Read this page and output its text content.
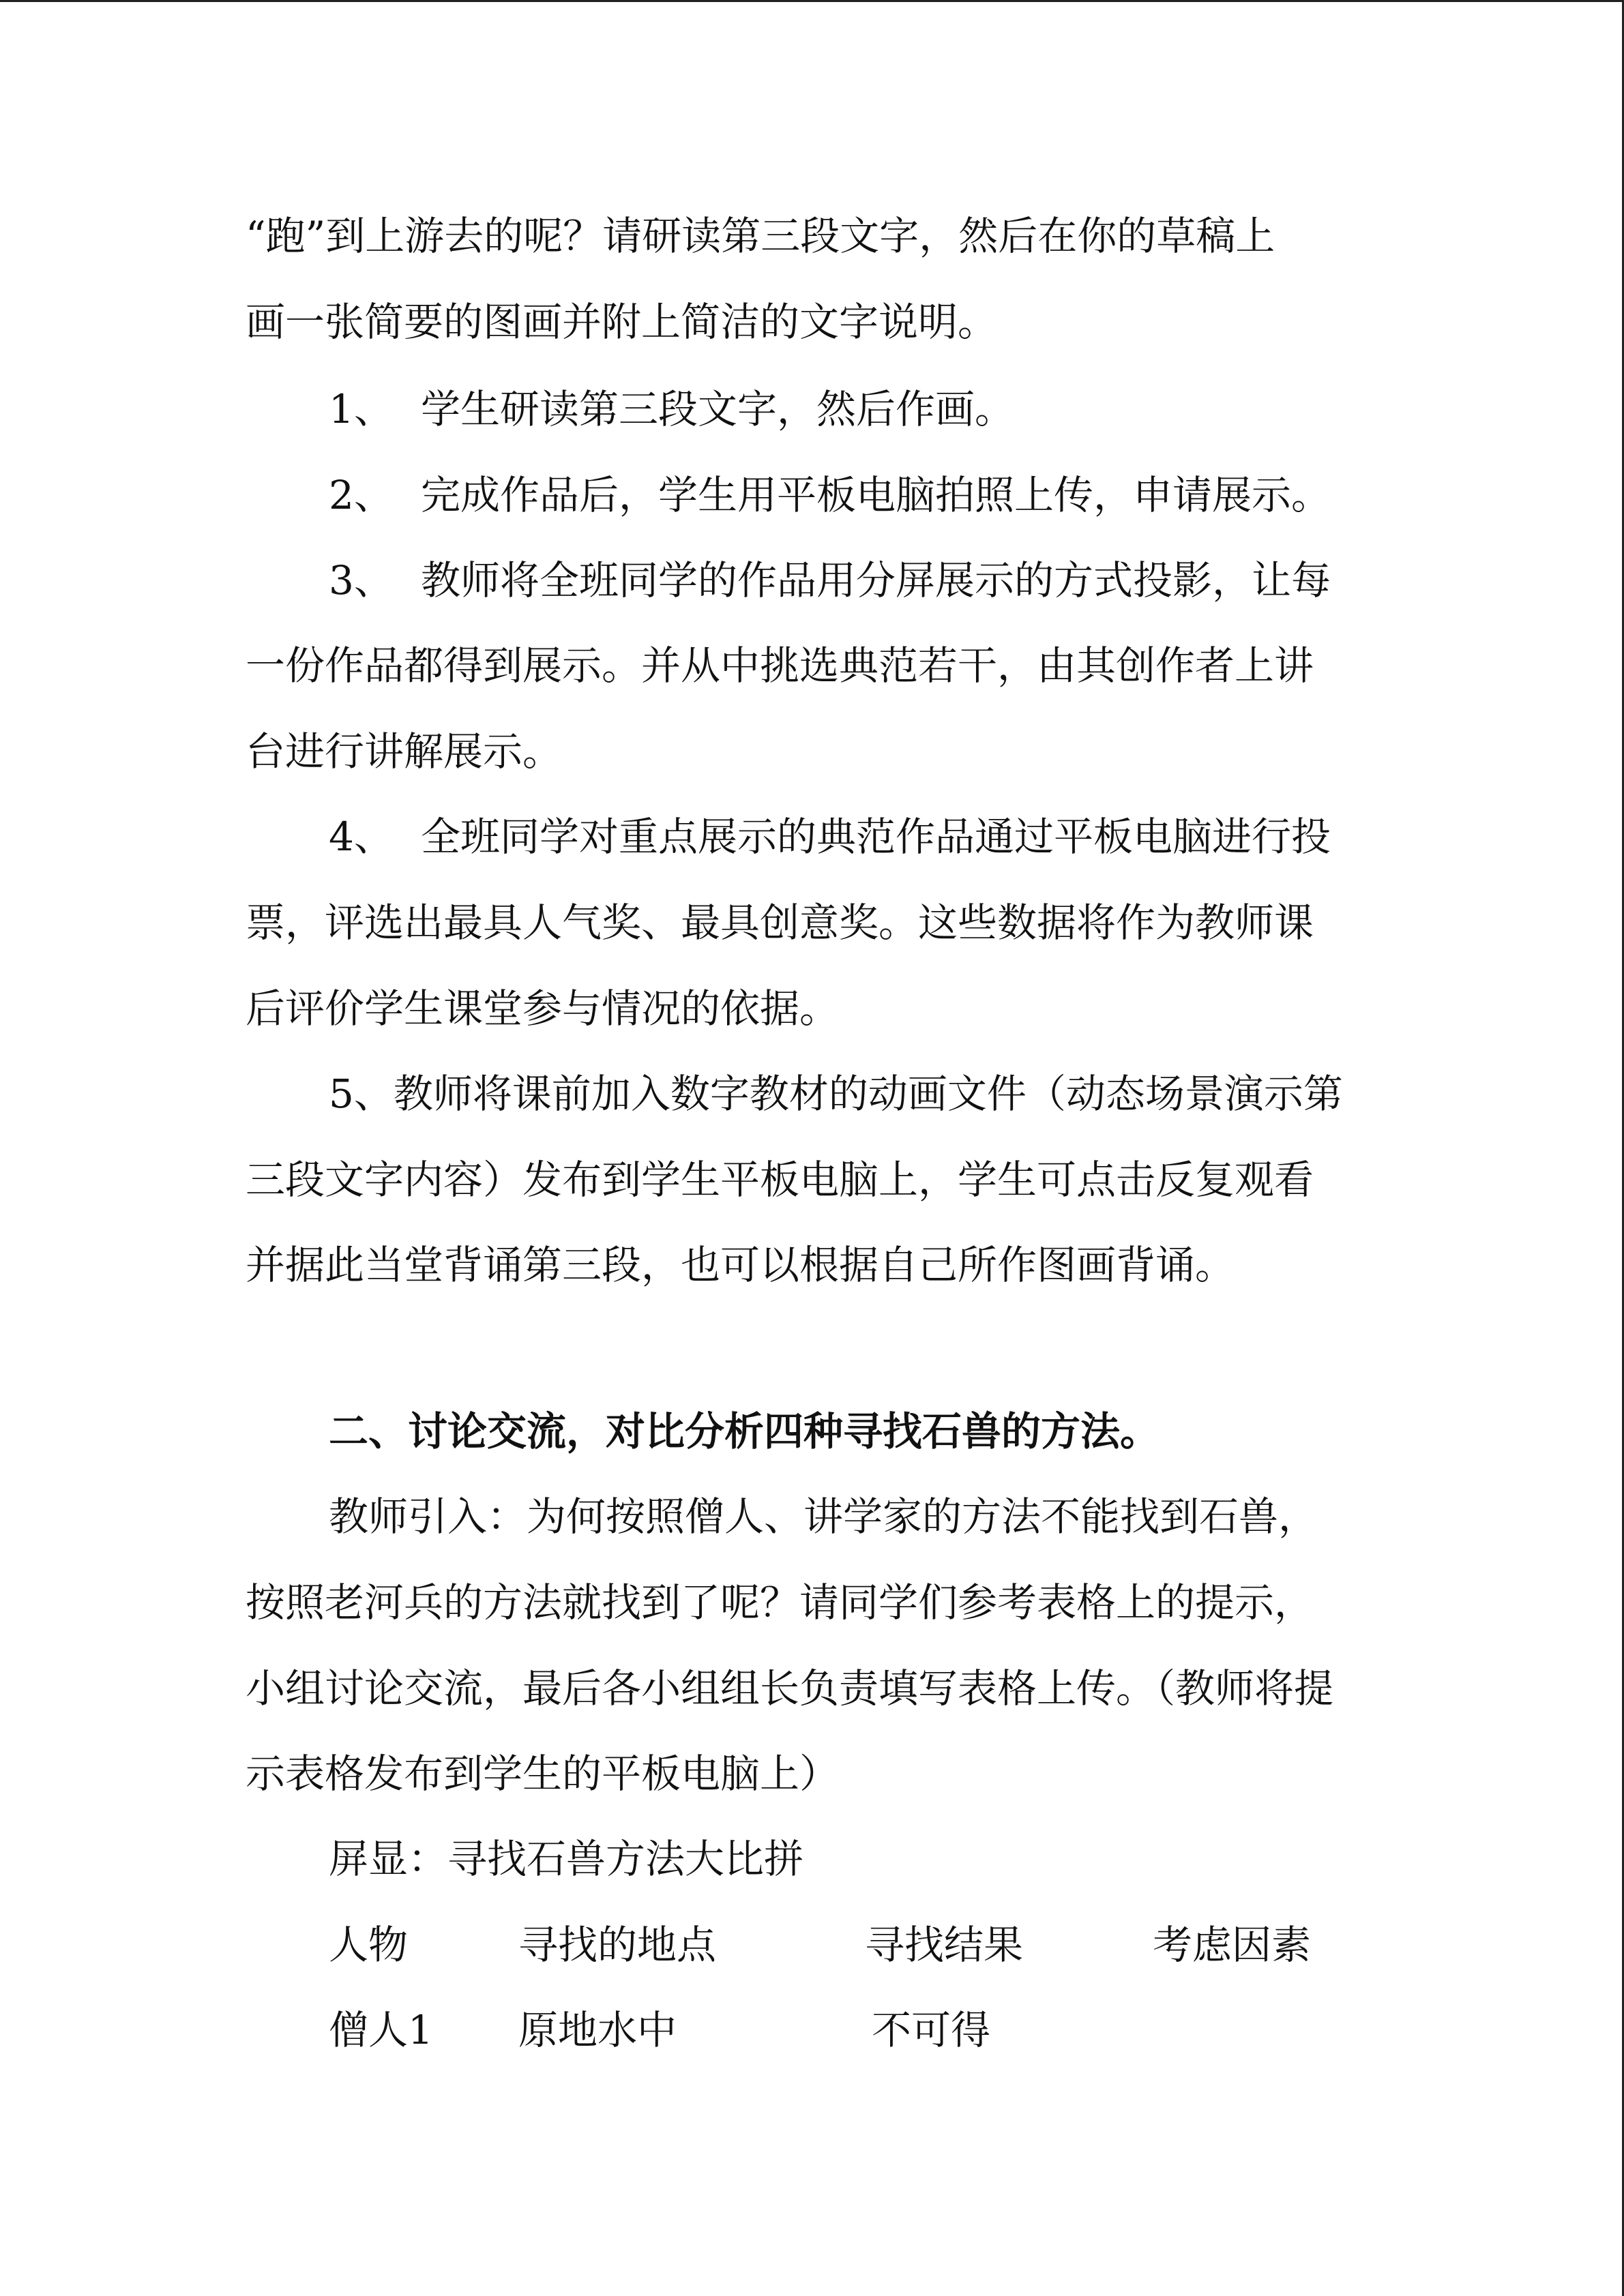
“跑”到上游去的呢？请研读第三段文字，然后在你的草稿上

画一张简要的图画并附上简洁的文字说明。

1、 学生研读第三段文字，然后作画。

2、 完成作品后，学生用平板电脑拍照上传，申请展示。

3、 教师将全班同学的作品用分屏展示的方式投影，让每

一份作品都得到展示。并从中挑选典范若干，由其创作者上讲

台进行讲解展示。

4、 全班同学对重点展示的典范作品通过平板电脑进行投

票，评选出最具人气奖、最具创意奖。这些数据将作为教师课

后评价学生课堂参与情况的依据。

5、教师将课前加入数字教材的动画文件（动态场景演示第

三段文字内容）发布到学生平板电脑上，学生可点击反复观看

并据此当堂背诵第三段，也可以根据自己所作图画背诵。

二、讨论交流，对比分析四种寻找石兽的方法。

教师引入：为何按照僧人、讲学家的方法不能找到石兽，

按照老河兵的方法就找到了呢？请同学们参考表格上的提示，

小组讨论交流，最后各小组组长负责填写表格上传。（教师将提

示表格发布到学生的平板电脑上）

屏显：寻找石兽方法大比拼

人物	寻找的地点	寻找结果	考虑因素
僧人1 原地水中	不可得
